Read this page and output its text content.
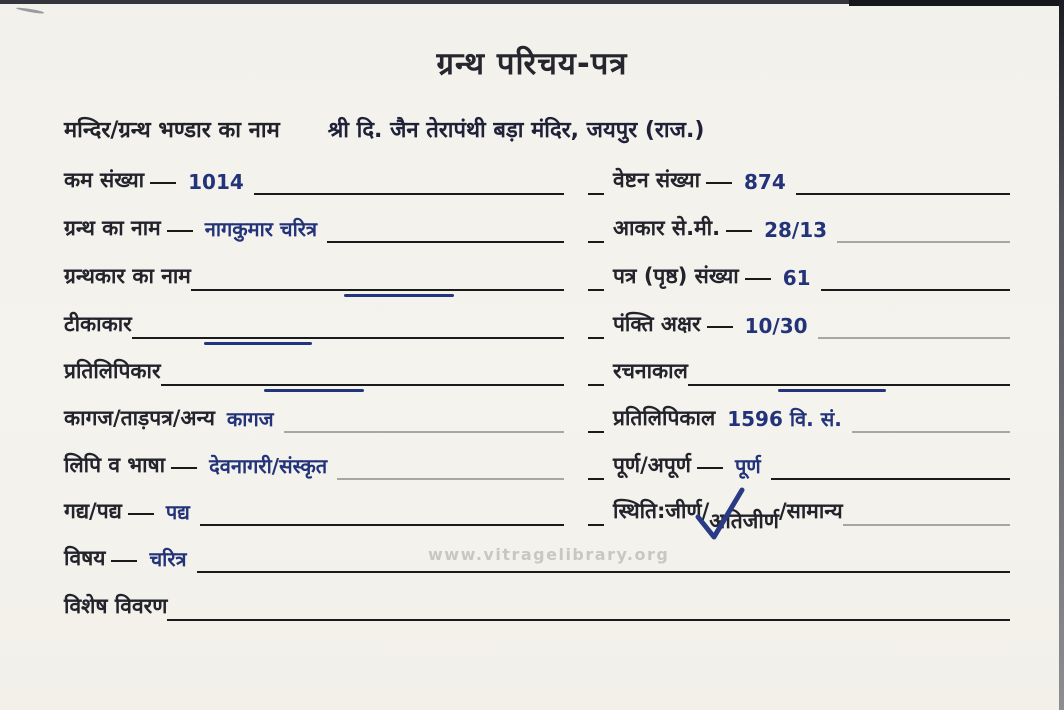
ग्रन्थ परिचय-पत्र
मन्दिर/ग्रन्थ भण्डार का नाम श्री दि. जैन तेरापंथी बड़ा मंदिर, जयपुर (राज.)
कम संख्या 1014	वेष्टन संख्या 874
ग्रन्थ का नाम नागकुमार चरित्र	आकार से.मी. 28/13
ग्रन्थकार का नाम	पत्र (पृष्ठ) संख्या 61
टीकाकार	पंक्ति अक्षर 10/30
प्रतिलिपिकार	रचनाकाल
कागज/ताड़पत्र/अन्य कागज	प्रतिलिपिकाल 1596 वि. सं.
लिपि व भाषा देवनागरी/संस्कृत	पूर्ण/अपूर्ण पूर्ण
गद्य/पद्य पद्य	स्थिति:जीर्ण/ अतिजीर्ण /सामान्य
विषय चरित्र
विशेष विवरण
www.vitragelibrary.org
